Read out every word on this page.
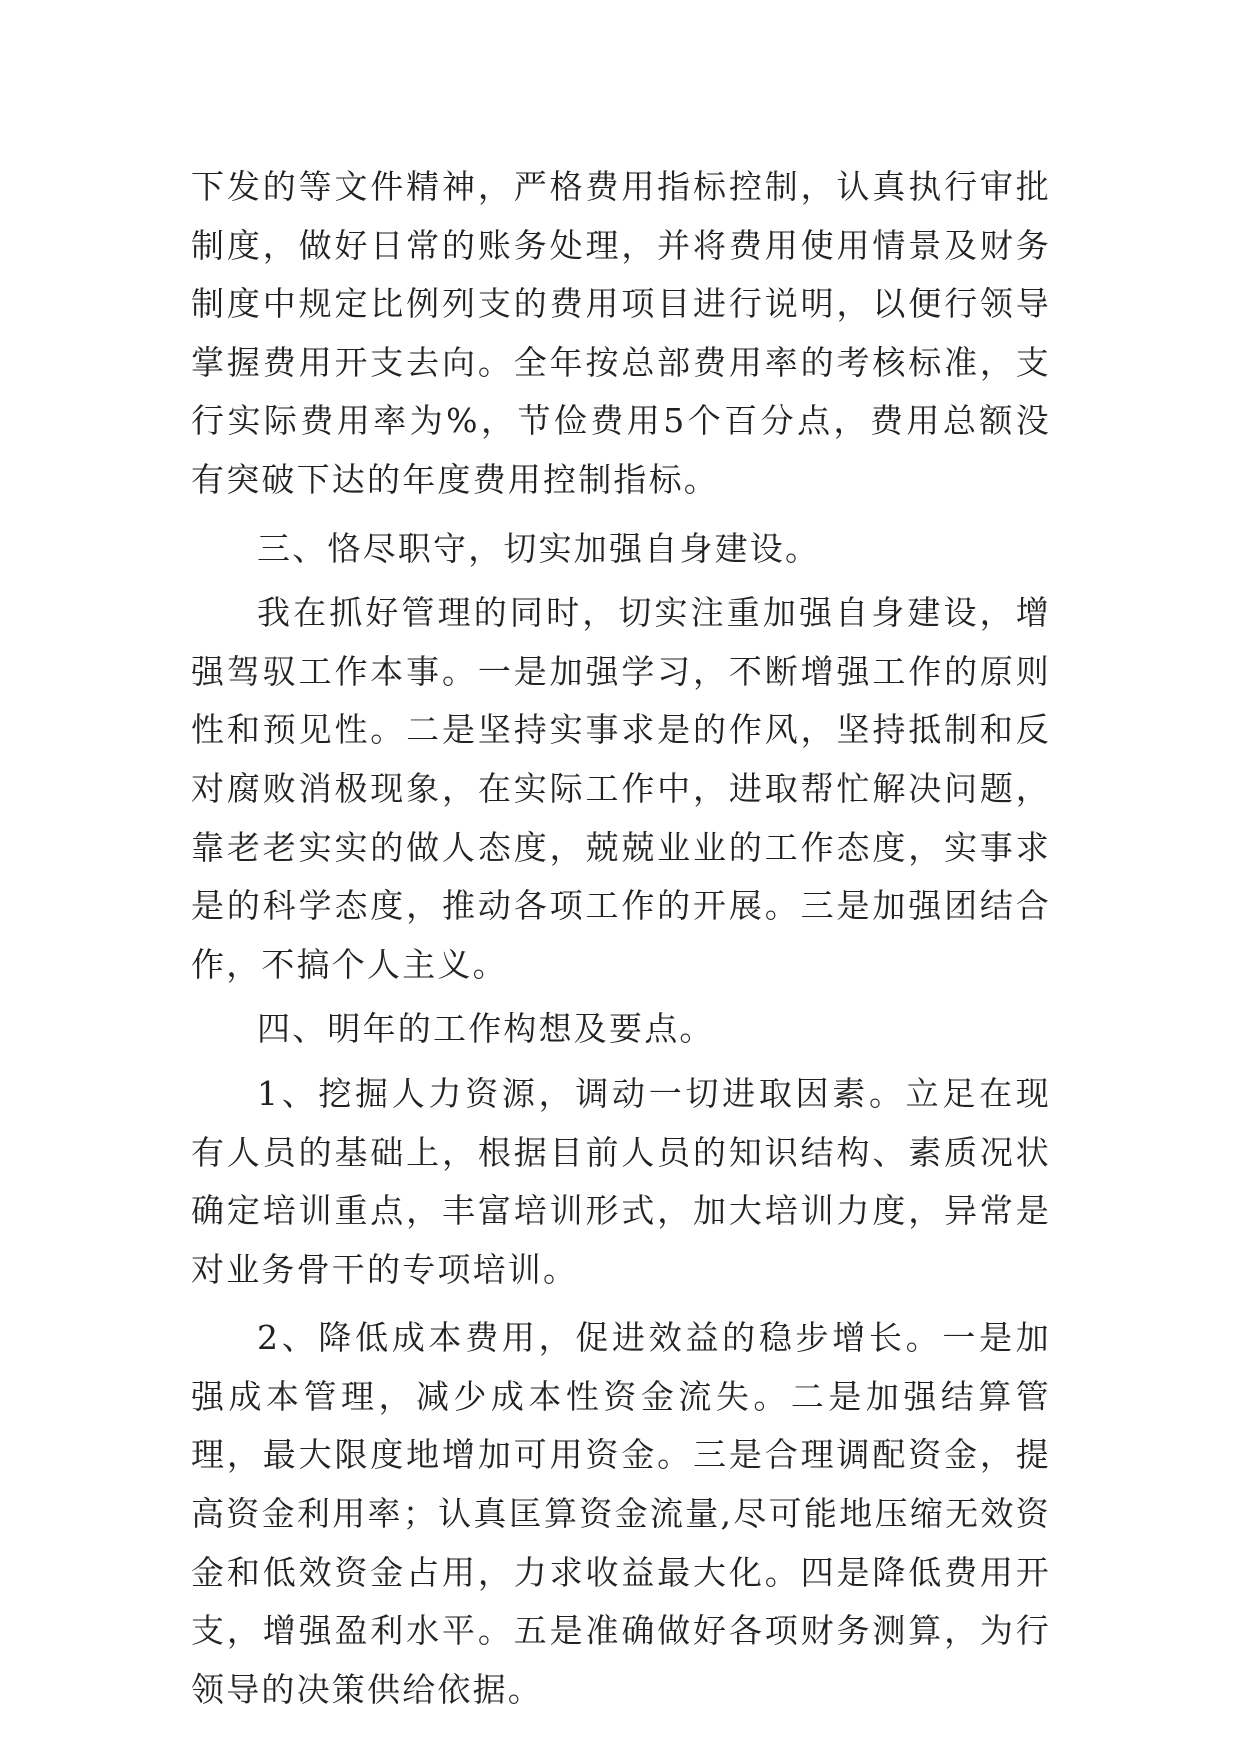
下发的等文件精神，严格费用指标控制，认真执行审批制度，做好日常的账务处理，并将费用使用情景及财务制度中规定比例列支的费用项目进行说明，以便行领导掌握费用开支去向。全年按总部费用率的考核标准，支行实际费用率为%，节俭费用5个百分点，费用总额没有突破下达的年度费用控制指标。

三、恪尽职守，切实加强自身建设。

我在抓好管理的同时，切实注重加强自身建设，增强驾驭工作本事。一是加强学习，不断增强工作的原则性和预见性。二是坚持实事求是的作风，坚持抵制和反对腐败消极现象，在实际工作中，进取帮忙解决问题，靠老老实实的做人态度，兢兢业业的工作态度，实事求是的科学态度，推动各项工作的开展。三是加强团结合作，不搞个人主义。

四、明年的工作构想及要点。

1、挖掘人力资源，调动一切进取因素。立足在现有人员的基础上，根据目前人员的知识结构、素质况状确定培训重点，丰富培训形式，加大培训力度，异常是对业务骨干的专项培训。

2、降低成本费用，促进效益的稳步增长。一是加强成本管理，减少成本性资金流失。二是加强结算管理，最大限度地增加可用资金。三是合理调配资金，提高资金利用率；认真匡算资金流量,尽可能地压缩无效资金和低效资金占用，力求收益最大化。四是降低费用开支，增强盈利水平。五是准确做好各项财务测算，为行领导的决策供给依据。
